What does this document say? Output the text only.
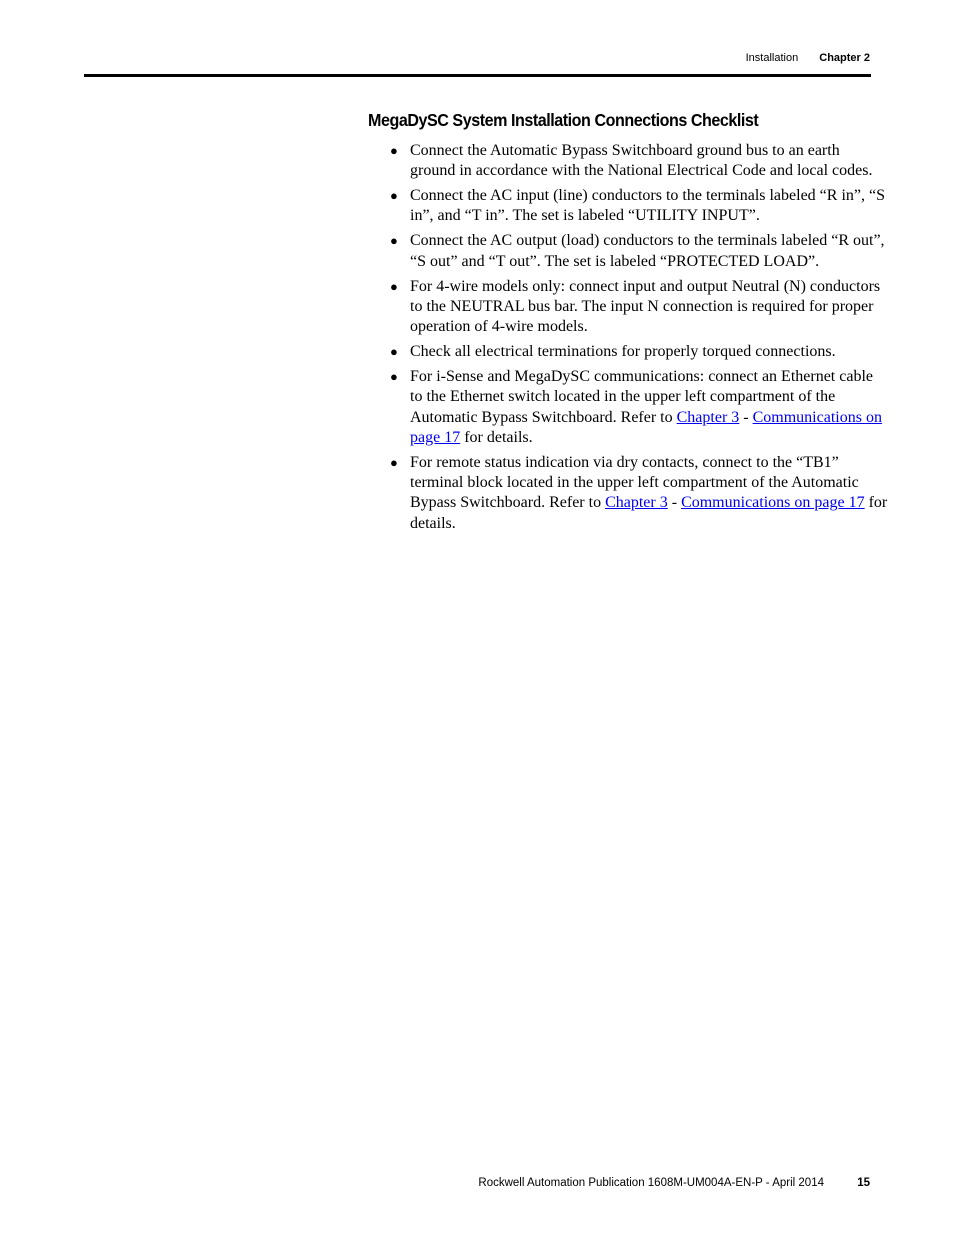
Installation Chapter 2
MegaDySC System Installation Connections Checklist
● Connect the Automatic Bypass Switchboard ground bus to an earth ground in accordance with the National Electrical Code and local codes.
● Connect the AC input (line) conductors to the terminals labeled “R in”, “S in”, and “T in”. The set is labeled “UTILITY INPUT”.
● Connect the AC output (load) conductors to the terminals labeled “R out”, “S out” and “T out”. The set is labeled “PROTECTED LOAD”.
● For 4-wire models only: connect input and output Neutral (N) conductors to the NEUTRAL bus bar. The input N connection is required for proper operation of 4-wire models.
● Check all electrical terminations for properly torqued connections.
● For i-Sense and MegaDySC communications: connect an Ethernet cable to the Ethernet switch located in the upper left compartment of the Automatic Bypass Switchboard. Refer to Chapter 3 - Communications on page 17 for details.
● For remote status indication via dry contacts, connect to the “TB1” terminal block located in the upper left compartment of the Automatic Bypass Switchboard. Refer to Chapter 3 - Communications on page 17 for details.
Rockwell Automation Publication 1608M-UM004A-EN-P - April 2014	15
